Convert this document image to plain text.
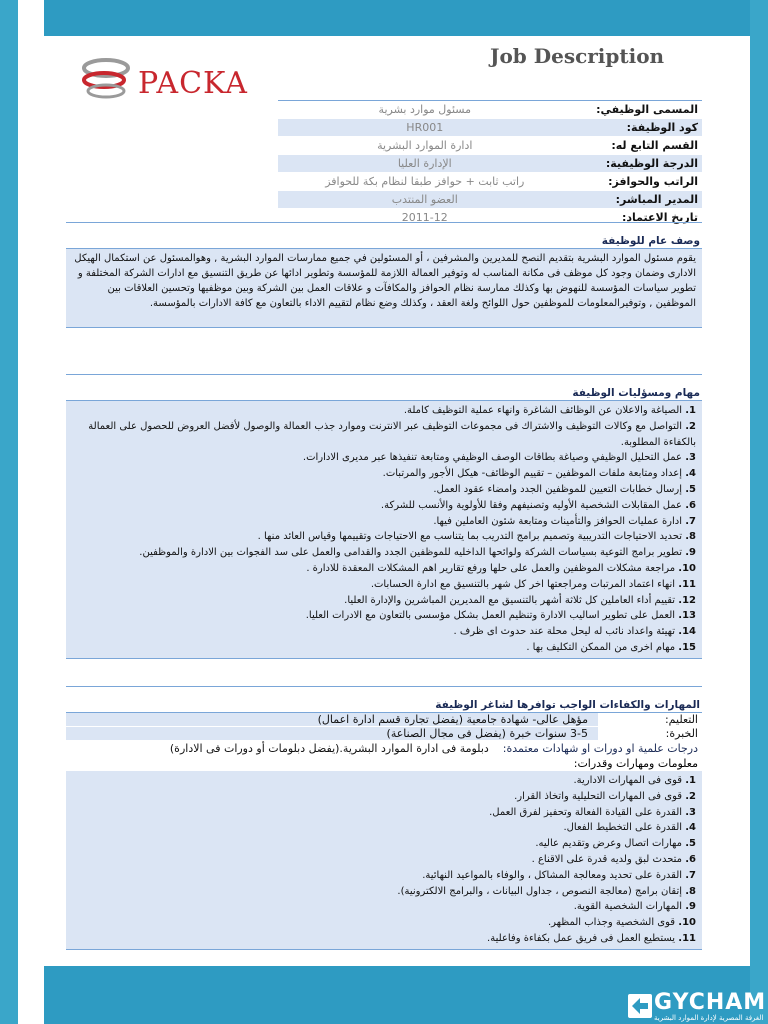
PACKA
Job Description
مسئول موارد بشرية	المسمى الوظيفي:
HR001	كود الوظيفة:
ادارة الموارد البشرية	القسم التابع له:
الإدارة العليا	الدرجة الوظيفية:
راتب ثابت + حوافز طبقا لنظام بكة للحوافز	الراتب والحوافز:
العضو المنتدب	المدير المباشر:
2011-12	تاريخ الاعتماد:
وصف عام للوظيفة
يقوم مسئول الموارد البشرية بتقديم النصح للمديرين والمشرفين ، أو المسئولين في جميع ممارسات الموارد البشرية , وهوالمسئول عن استكمال الهيكل الادارى وضمان وجود كل موظف فى مكانة المناسب له وتوفير العمالة اللازمة للمؤسسة وتطوير ادائها عن طريق التنسيق مع ادارات الشركة المختلفة و تطوير سياسات المؤسسة للنهوض بها وكذلك ممارسة نظام الحوافز والمكافآت و علاقات العمل بين الشركة وبين موظفيها وتحسين العلاقات بين الموظفين , وتوفيرالمعلومات للموظفين حول اللوائح ولغة العقد ، وكذلك وضع نظام لتقييم الاداء بالتعاون مع كافة الادارات بالمؤسسة.
مهام ومسؤليات الوظيفة
1. الصياغة والاعلان عن الوظائف الشاغرة وانهاء عملية التوظيف كاملة.
2. التواصل مع وكالات التوظيف والاشتراك فى مجموعات التوظيف عبر الانترنت وموارد جذب العمالة والوصول لأفضل العروض للحصول على العمالة بالكفاءة المطلوبة.
3. عمل التحليل الوظيفي وصياغة بطاقات الوصف الوظيفي ومتابعة تنفيذها عبر مديرى الادارات.
4. إعداد ومتابعة ملفات الموظفين – تقييم الوظائف- هيكل الأجور والمرتبات.
5. إرسال خطابات التعيين للموظفين الجدد وامضاء عقود العمل.
6. عمل المقابلات الشخصية الأوليه وتصنيفهم وفقا للأولوية والأنسب للشركة.
7. ادارة عمليات الحوافز والتأمينات ومتابعة شئون العاملين فيها.
8. تحديد الاحتياجات التدريبية وتصميم برامج التدريب بما يتناسب مع الاحتياجات وتقييمها وقياس العائد منها .
9. تطوير برامج التوعية بسياسات الشركة ولوائحها الداخليه للموظفين الجدد والقدامى والعمل على سد الفجوات بين الادارة والموظفين.
10. مراجعة مشكلات الموظفين والعمل على حلها ورفع تقارير اهم المشكلات المعقدة للادارة .
11. انهاء اعتماد المرتبات ومراجعتها اخر كل شهر بالتنسيق مع ادارة الحسابات.
12. تقييم أداء العاملين كل ثلاثة أشهر بالتنسيق مع المديرين المباشرين والإدارة العليا.
13. العمل على تطوير اساليب الادارة وتنظيم العمل بشكل مؤسسى بالتعاون مع الادرات العليا.
14. تهيئة واعداد نائب له ليحل محلة عند حدوث اى ظرف .
15. مهام اخرى من الممكن التكليف بها .
المهارات والكفاءات الواجب توافرها لشاغر الوظيفة
التعليم:
مؤهل عالى- شهادة جامعية (يفضل تجارة قسم ادارة اعمال)
الخبرة:
3-5 سنوات خبرة (يفضل فى مجال الصناعة)
درجات علمية او دورات او شهادات معتمدة:
دبلومة فى ادارة الموارد البشرية.(يفضل دبلومات أو دورات فى الادارة)
معلومات ومهارات وقدرات:
1. قوى فى المهارات الادارية.
2. قوى فى المهارات التحليلية واتخاذ القرار.
3. القدرة على القيادة الفعالة وتحفيز لفرق العمل.
4. القدرة على التخطيط الفعال.
5. مهارات اتصال وعرض وتقديم عاليه.
6. متحدث لبق ولديه قدرة على الاقناع .
7. القدرة على تحديد ومعالجة المشاكل ، والوفاء بالمواعيد النهائية.
8. إتقان برامج (معالجة النصوص ، جداول البيانات ، والبرامج الالكترونية).
9. المهارات الشخصية القوية.
10. قوى الشخصية وجذاب المظهر.
11. يستطيع العمل فى فريق عمل بكفاءة وفاعلية.
GYCHAM
الغرفة المصرية لإدارة الموارد البشرية
